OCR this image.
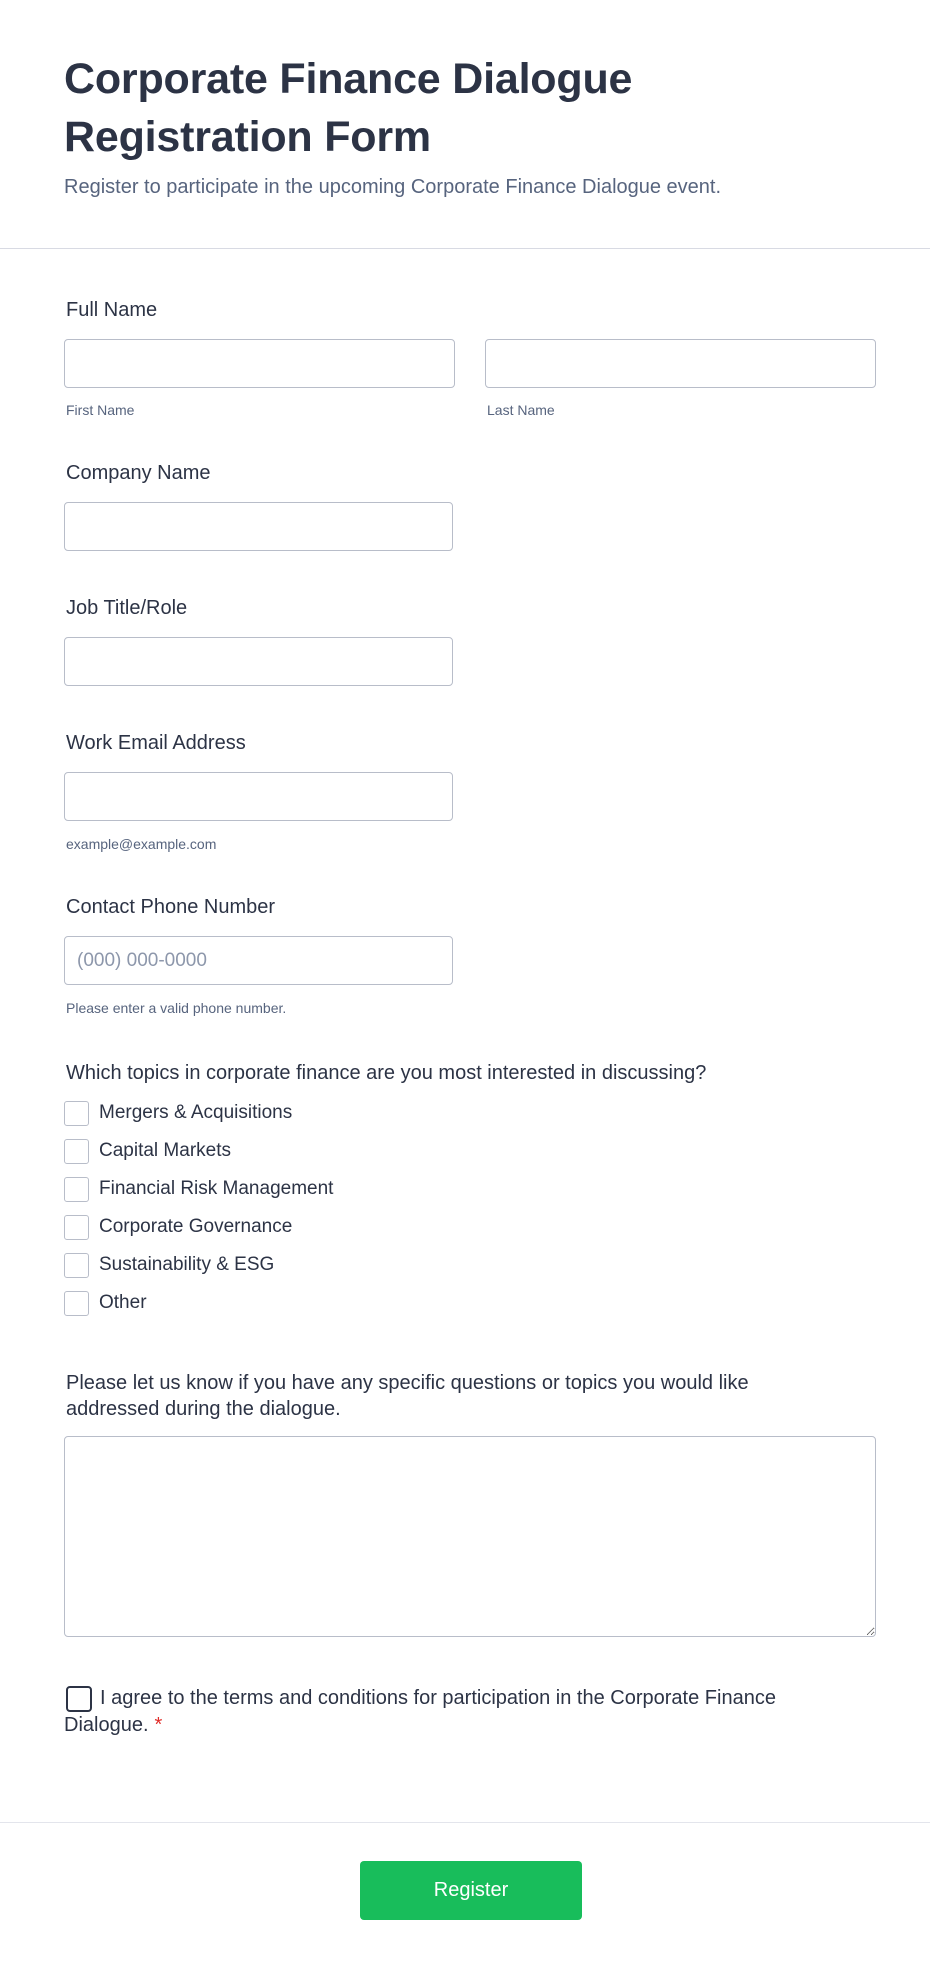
Corporate Finance Dialogue Registration Form
Register to participate in the upcoming Corporate Finance Dialogue event.
Full Name
First Name	Last Name
Company Name
Job Title/Role
Work Email Address
example@example.com
Contact Phone Number
(000) 000-0000
Please enter a valid phone number.
Which topics in corporate finance are you most interested in discussing?
Mergers & Acquisitions
Capital Markets
Financial Risk Management
Corporate Governance
Sustainability & ESG
Other
Please let us know if you have any specific questions or topics you would like addressed during the dialogue.
I agree to the terms and conditions for participation in the Corporate Finance Dialogue. *
Register
